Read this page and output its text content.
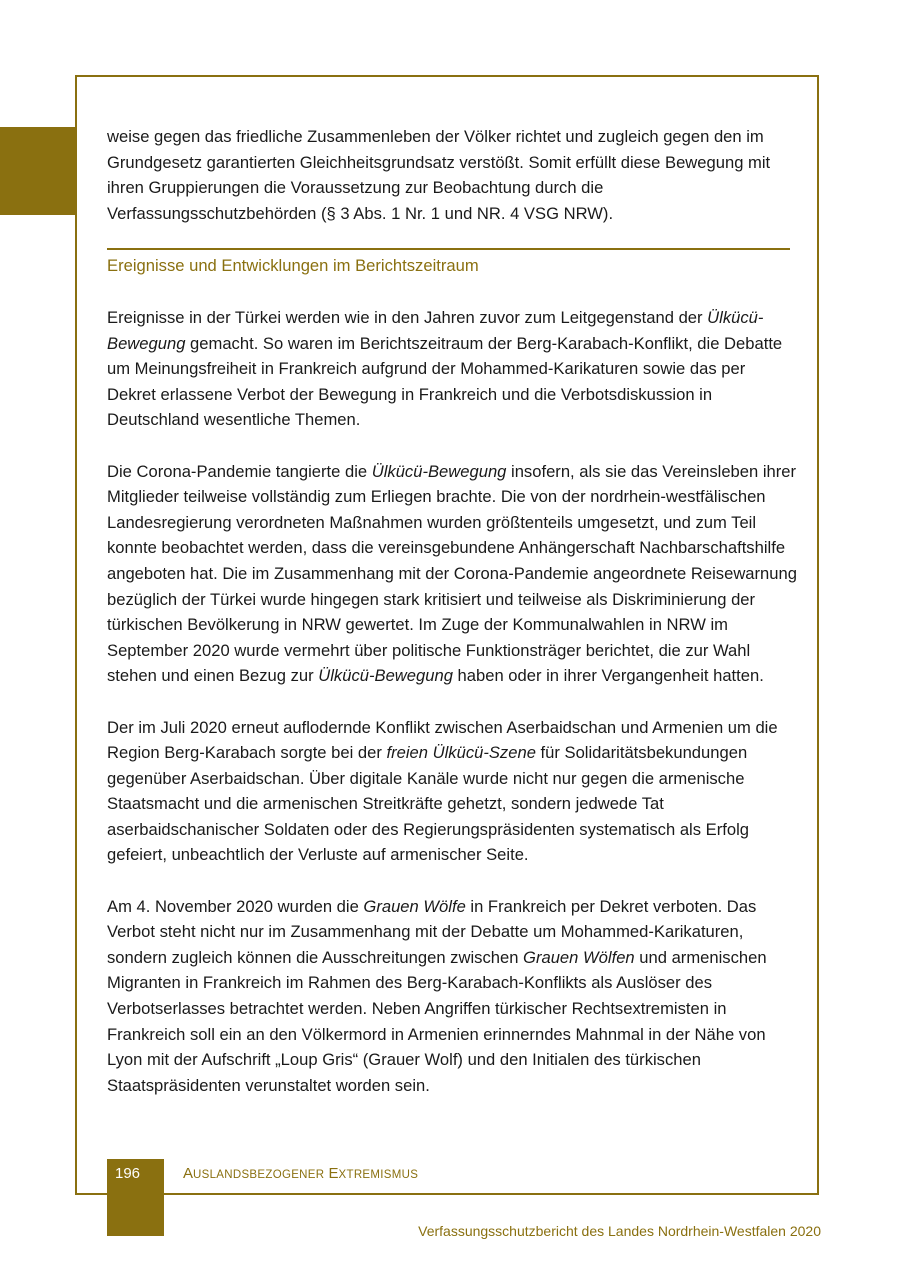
weise gegen das friedliche Zusammenleben der Völker richtet und zugleich gegen den im Grundgesetz garantierten Gleichheitsgrundsatz verstößt. Somit erfüllt diese Bewegung mit ihren Gruppierungen die Voraussetzung zur Beobachtung durch die Verfassungsschutzbehörden (§ 3 Abs. 1 Nr. 1 und NR. 4 VSG NRW).

Ereignisse und Entwicklungen im Berichtszeitraum

Ereignisse in der Türkei werden wie in den Jahren zuvor zum Leitgegenstand der Ülkücü-Bewegung gemacht. So waren im Berichtszeitraum der Berg-Karabach-Konflikt, die Debatte um Meinungsfreiheit in Frankreich aufgrund der Mohammed-Karikaturen sowie das per Dekret erlassene Verbot der Bewegung in Frankreich und die Verbotsdiskussion in Deutschland wesentliche Themen.

Die Corona-Pandemie tangierte die Ülkücü-Bewegung insofern, als sie das Vereinsleben ihrer Mitglieder teilweise vollständig zum Erliegen brachte. Die von der nordrhein-westfälischen Landesregierung verordneten Maßnahmen wurden größtenteils umgesetzt, und zum Teil konnte beobachtet werden, dass die vereinsgebundene Anhängerschaft Nachbarschaftshilfe angeboten hat. Die im Zusammenhang mit der Corona-Pandemie angeordnete Reisewarnung bezüglich der Türkei wurde hingegen stark kritisiert und teilweise als Diskriminierung der türkischen Bevölkerung in NRW gewertet. Im Zuge der Kommunalwahlen in NRW im September 2020 wurde vermehrt über politische Funktionsträger berichtet, die zur Wahl stehen und einen Bezug zur Ülkücü-Bewegung haben oder in ihrer Vergangenheit hatten.

Der im Juli 2020 erneut auflodernde Konflikt zwischen Aserbaidschan und Armenien um die Region Berg-Karabach sorgte bei der freien Ülkücü-Szene für Solidaritätsbekundungen gegenüber Aserbaidschan. Über digitale Kanäle wurde nicht nur gegen die armenische Staatsmacht und die armenischen Streitkräfte gehetzt, sondern jedwede Tat aserbaidschanischer Soldaten oder des Regierungspräsidenten systematisch als Erfolg gefeiert, unbeachtlich der Verluste auf armenischer Seite.

Am 4. November 2020 wurden die Grauen Wölfe in Frankreich per Dekret verboten. Das Verbot steht nicht nur im Zusammenhang mit der Debatte um Mohammed-Karikaturen, sondern zugleich können die Ausschreitungen zwischen Grauen Wölfen und armenischen Migranten in Frankreich im Rahmen des Berg-Karabach-Konflikts als Auslöser des Verbotserlasses betrachtet werden. Neben Angriffen türkischer Rechtsextremisten in Frankreich soll ein an den Völkermord in Armenien erinnerndes Mahnmal in der Nähe von Lyon mit der Aufschrift „Loup Gris“ (Grauer Wolf) und den Initialen des türkischen Staatspräsidenten verunstaltet worden sein.

196	AUSLANDSBEZOGENER EXTREMISMUS
Verfassungsschutzbericht des Landes Nordrhein-Westfalen 2020
